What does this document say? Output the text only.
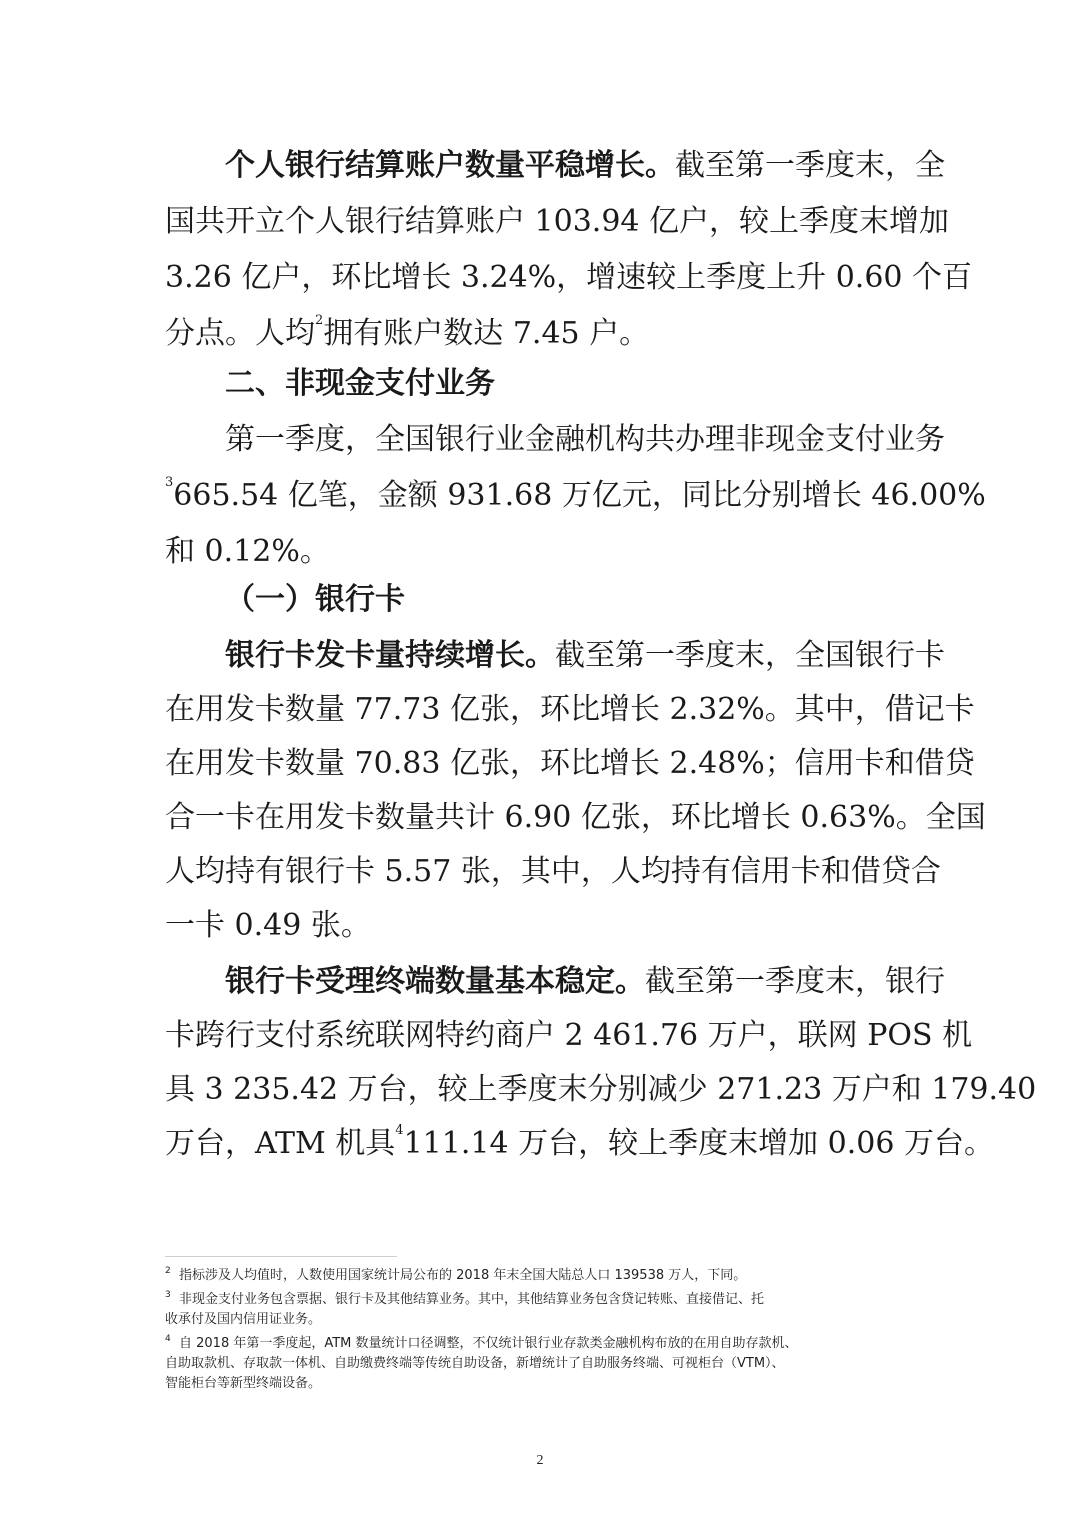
个人银行结算账户数量平稳增长。截至第一季度末，全
国共开立个人银行结算账户 103.94 亿户，较上季度末增加
3.26 亿户，环比增长 3.24%，增速较上季度上升 0.60 个百
分点。人均$^2$拥有账户数达 7.45 户。
二、非现金支付业务
第一季度，全国银行业金融机构共办理非现金支付业务
$^3$665.54 亿笔，金额 931.68 万亿元，同比分别增长 46.00%
和 0.12%。
（一）银行卡
银行卡发卡量持续增长。截至第一季度末，全国银行卡
在用发卡数量 77.73 亿张，环比增长 2.32%。其中，借记卡
在用发卡数量 70.83 亿张，环比增长 2.48%；信用卡和借贷
合一卡在用发卡数量共计 6.90 亿张，环比增长 0.63%。全国
人均持有银行卡 5.57 张，其中，人均持有信用卡和借贷合
一卡 0.49 张。
银行卡受理终端数量基本稳定。截至第一季度末，银行
卡跨行支付系统联网特约商户 2 461.76 万户，联网 POS 机
具 3 235.42 万台，较上季度末分别减少 271.23 万户和 179.40
万台，ATM 机具$^4$111.14 万台，较上季度末增加 0.06 万台。
$^2$ 指标涉及人均值时，人数使用国家统计局公布的 2018 年末全国大陆总人口 139538 万人，下同。
$^3$ 非现金支付业务包含票据、银行卡及其他结算业务。其中，其他结算业务包含贷记转账、直接借记、托
收承付及国内信用证业务。
$^4$ 自 2018 年第一季度起，ATM 数量统计口径调整，不仅统计银行业存款类金融机构布放的在用自助存款机、
自助取款机、存取款一体机、自助缴费终端等传统自助设备，新增统计了自助服务终端、可视柜台（VTM）、
智能柜台等新型终端设备。
2
